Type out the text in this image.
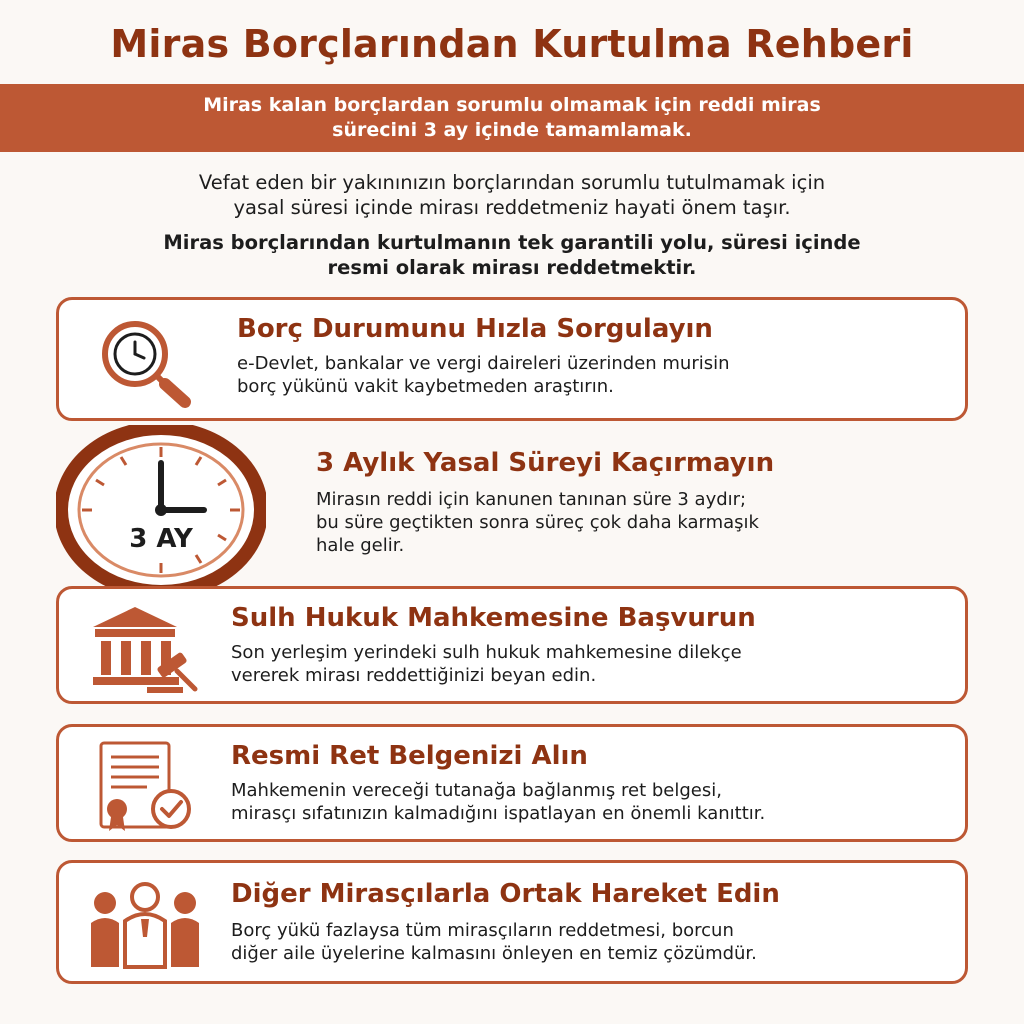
Miras Borçlarından Kurtulma Rehberi
Miras kalan borçlardan sorumlu olmamak için reddi miras
sürecini 3 ay içinde tamamlamak.
Vefat eden bir yakınınızın borçlarından sorumlu tutulmamak için
yasal süresi içinde mirası reddetmeniz hayati önem taşır.
Miras borçlarından kurtulmanın tek garantili yolu, süresi içinde
resmi olarak mirası reddetmektir.
Borç Durumunu Hızla Sorgulayın
e-Devlet, bankalar ve vergi daireleri üzerinden murisin
borç yükünü vakit kaybetmeden araştırın.
3 Aylık Yasal Süreyi Kaçırmayın
Mirasın reddi için kanunen tanınan süre 3 aydır;
bu süre geçtikten sonra süreç çok daha karmaşık
hale gelir.
3 AY
Sulh Hukuk Mahkemesine Başvurun
Son yerleşim yerindeki sulh hukuk mahkemesine dilekçe
vererek mirası reddettiğinizi beyan edin.
Resmi Ret Belgenizi Alın
Mahkemenin vereceği tutanağa bağlanmış ret belgesi,
mirasçı sıfatınızın kalmadığını ispatlayan en önemli kanıttır.
Diğer Mirasçılarla Ortak Hareket Edin
Borç yükü fazlaysa tüm mirasçıların reddetmesi, borcun
diğer aile üyelerine kalmasını önleyen en temiz çözümdür.
